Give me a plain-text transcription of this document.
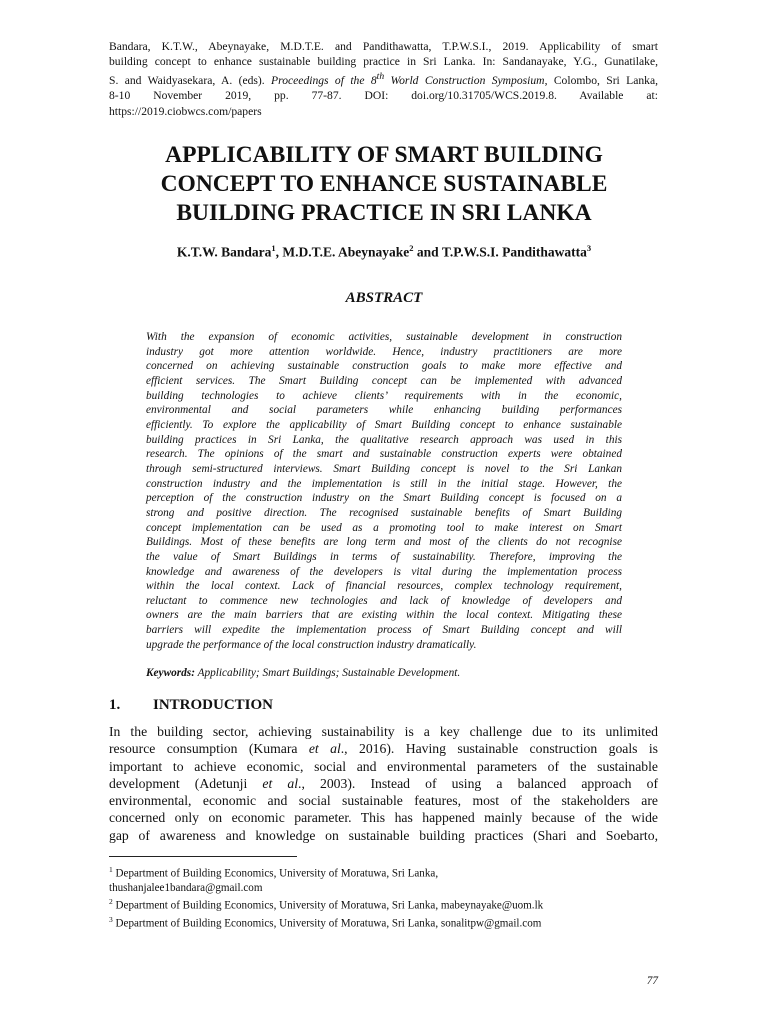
Bandara, K.T.W., Abeynayake, M.D.T.E. and Pandithawatta, T.P.W.S.I., 2019. Applicability of smart
building concept to enhance sustainable building practice in Sri Lanka. In: Sandanayake, Y.G., Gunatilake,
S. and Waidyasekara, A. (eds). Proceedings of the 8th World Construction Symposium, Colombo, Sri Lanka,
8-10 November 2019, pp. 77-87. DOI: doi.org/10.31705/WCS.2019.8. Available at:
https://2019.ciobwcs.com/papers
APPLICABILITY OF SMART BUILDING
CONCEPT TO ENHANCE SUSTAINABLE
BUILDING PRACTICE IN SRI LANKA
K.T.W. Bandara$^1$, M.D.T.E. Abeynayake$^2$ and T.P.W.S.I. Pandithawatta$^3$
ABSTRACT
With the expansion of economic activities, sustainable development in construction
industry got more attention worldwide. Hence, industry practitioners are more
concerned on achieving sustainable construction goals to make more effective and
efficient services. The Smart Building concept can be implemented with advanced
building technologies to achieve clients’ requirements with in the economic,
environmental and social parameters while enhancing building performances
efficiently. To explore the applicability of Smart Building concept to enhance sustainable
building practices in Sri Lanka, the qualitative research approach was used in this
research. The opinions of the smart and sustainable construction experts were obtained
through semi-structured interviews. Smart Building concept is novel to the Sri Lankan
construction industry and the implementation is still in the initial stage. However, the
perception of the construction industry on the Smart Building concept is focused on a
strong and positive direction. The recognised sustainable benefits of Smart Building
concept implementation can be used as a promoting tool to make interest on Smart
Buildings. Most of these benefits are long term and most of the clients do not recognise
the value of Smart Buildings in terms of sustainability. Therefore, improving the
knowledge and awareness of the developers is vital during the implementation process
within the local context. Lack of financial resources, complex technology requirement,
reluctant to commence new technologies and lack of knowledge of developers and
owners are the main barriers that are existing within the local context. Mitigating these
barriers will expedite the implementation process of Smart Building concept and will
upgrade the performance of the local construction industry dramatically.
Keywords: Applicability; Smart Buildings; Sustainable Development.
1. INTRODUCTION
In the building sector, achieving sustainability is a key challenge due to its unlimited
resource consumption (Kumara et al., 2016). Having sustainable construction goals is
important to achieve economic, social and environmental parameters of the sustainable
development (Adetunji et al., 2003). Instead of using a balanced approach of
environmental, economic and social sustainable features, most of the stakeholders are
concerned only on economic parameter. This has happened mainly because of the wide
gap of awareness and knowledge on sustainable building practices (Shari and Soebarto,
$^1$ Department of Building Economics, University of Moratuwa, Sri Lanka,
thushanjalee1bandara@gmail.com
$^2$ Department of Building Economics, University of Moratuwa, Sri Lanka, mabeynayake@uom.lk
$^3$ Department of Building Economics, University of Moratuwa, Sri Lanka, sonalitpw@gmail.com
77
